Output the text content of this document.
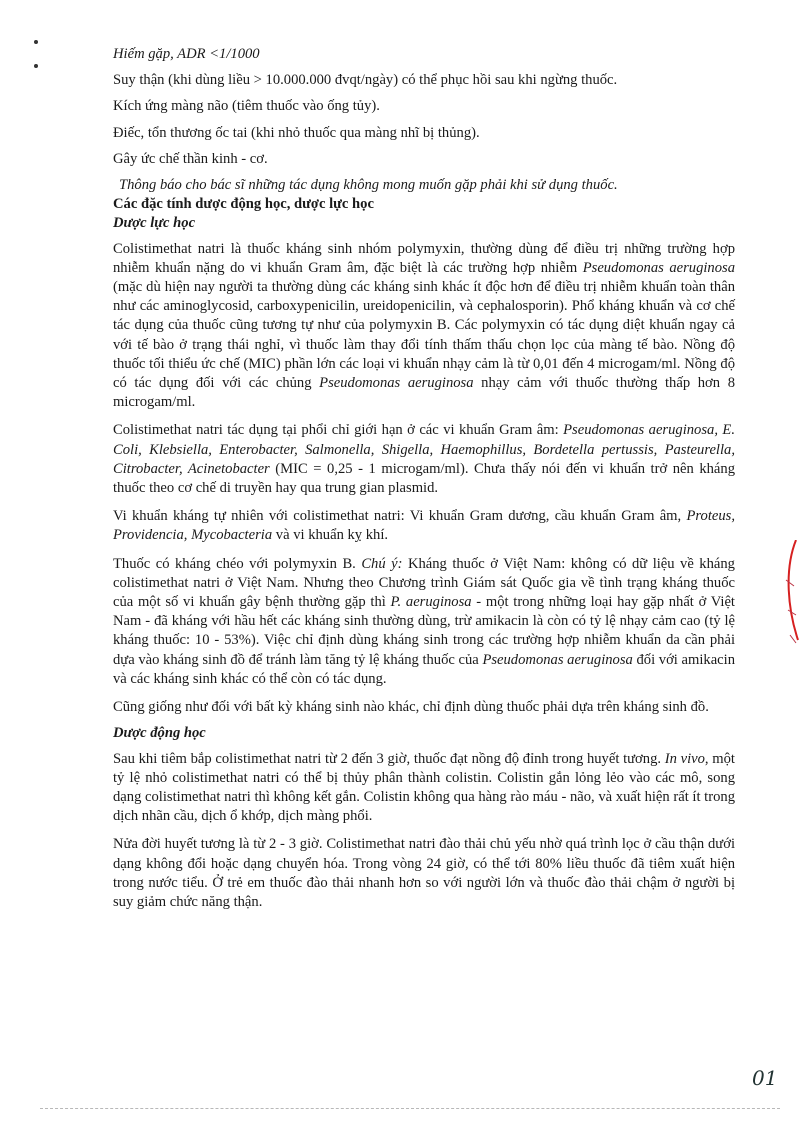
Hiếm gặp, ADR <1/1000

Suy thận (khi dùng liều > 10.000.000 đvqt/ngày) có thể phục hồi sau khi ngừng thuốc.

Kích ứng màng não (tiêm thuốc vào ống tủy).

Điếc, tổn thương ốc tai (khi nhỏ thuốc qua màng nhĩ bị thủng).

Gây ức chế thần kinh - cơ.

Thông báo cho bác sĩ những tác dụng không mong muốn gặp phải khi sử dụng thuốc.

Các đặc tính dược động học, dược lực học

Dược lực học

Colistimethat natri là thuốc kháng sinh nhóm polymyxin, thường dùng để điều trị những trường hợp nhiễm khuẩn nặng do vi khuẩn Gram âm, đặc biệt là các trường hợp nhiễm Pseudomonas aeruginosa (mặc dù hiện nay người ta thường dùng các kháng sinh khác ít độc hơn để điều trị nhiễm khuẩn toàn thân như các aminoglycosid, carboxypenicilin, ureidopenicilin, và cephalosporin). Phổ kháng khuẩn và cơ chế tác dụng của thuốc cũng tương tự như của polymyxin B. Các polymyxin có tác dụng diệt khuẩn ngay cả với tế bào ở trạng thái nghỉ, vì thuốc làm thay đổi tính thấm thấu chọn lọc của màng tế bào. Nồng độ thuốc tối thiểu ức chế (MIC) phần lớn các loại vi khuẩn nhạy cảm là từ 0,01 đến 4 microgam/ml. Nồng độ có tác dụng đối với các chủng Pseudomonas aeruginosa nhạy cảm với thuốc thường thấp hơn 8 microgam/ml.

Colistimethat natri tác dụng tại phổi chỉ giới hạn ở các vi khuẩn Gram âm: Pseudomonas aeruginosa, E. Coli, Klebsiella, Enterobacter, Salmonella, Shigella, Haemophillus, Bordetella pertussis, Pasteurella, Citrobacter, Acinetobacter (MIC = 0,25 - 1 microgam/ml). Chưa thấy nói đến vi khuẩn trở nên kháng thuốc theo cơ chế di truyền hay qua trung gian plasmid.

Vi khuẩn kháng tự nhiên với colistimethat natri: Vi khuẩn Gram dương, cầu khuẩn Gram âm, Proteus, Providencia, Mycobacteria và vi khuẩn kỵ khí.

Thuốc có kháng chéo với polymyxin B. Chú ý: Kháng thuốc ở Việt Nam: không có dữ liệu về kháng colistimethat natri ở Việt Nam. Nhưng theo Chương trình Giám sát Quốc gia về tình trạng kháng thuốc của một số vi khuẩn gây bệnh thường gặp thì P. aeruginosa - một trong những loại hay gặp nhất ở Việt Nam - đã kháng với hầu hết các kháng sinh thường dùng, trừ amikacin là còn có tỷ lệ nhạy cảm cao (tỷ lệ kháng thuốc: 10 - 53%). Việc chỉ định dùng kháng sinh trong các trường hợp nhiễm khuẩn da cần phải dựa vào kháng sinh đồ để tránh làm tăng tỷ lệ kháng thuốc của Pseudomonas aeruginosa đối với amikacin và các kháng sinh khác có thể còn có tác dụng.

Cũng giống như đối với bất kỳ kháng sinh nào khác, chỉ định dùng thuốc phải dựa trên kháng sinh đồ.

Dược động học

Sau khi tiêm bắp colistimethat natri từ 2 đến 3 giờ, thuốc đạt nồng độ đỉnh trong huyết tương. In vivo, một tỷ lệ nhỏ colistimethat natri có thể bị thủy phân thành colistin. Colistin gắn lỏng lẻo vào các mô, song dạng colistimethat natri thì không kết gắn. Colistin không qua hàng rào máu - não, và xuất hiện rất ít trong dịch nhãn cầu, dịch ổ khớp, dịch màng phổi.

Nửa đời huyết tương là từ 2 - 3 giờ. Colistimethat natri đào thải chủ yếu nhờ quá trình lọc ở cầu thận dưới dạng không đổi hoặc dạng chuyển hóa. Trong vòng 24 giờ, có thể tới 80% liều thuốc đã tiêm xuất hiện trong nước tiểu. Ở trẻ em thuốc đào thải nhanh hơn so với người lớn và thuốc đào thải chậm ở người bị suy giảm chức năng thận.

01
